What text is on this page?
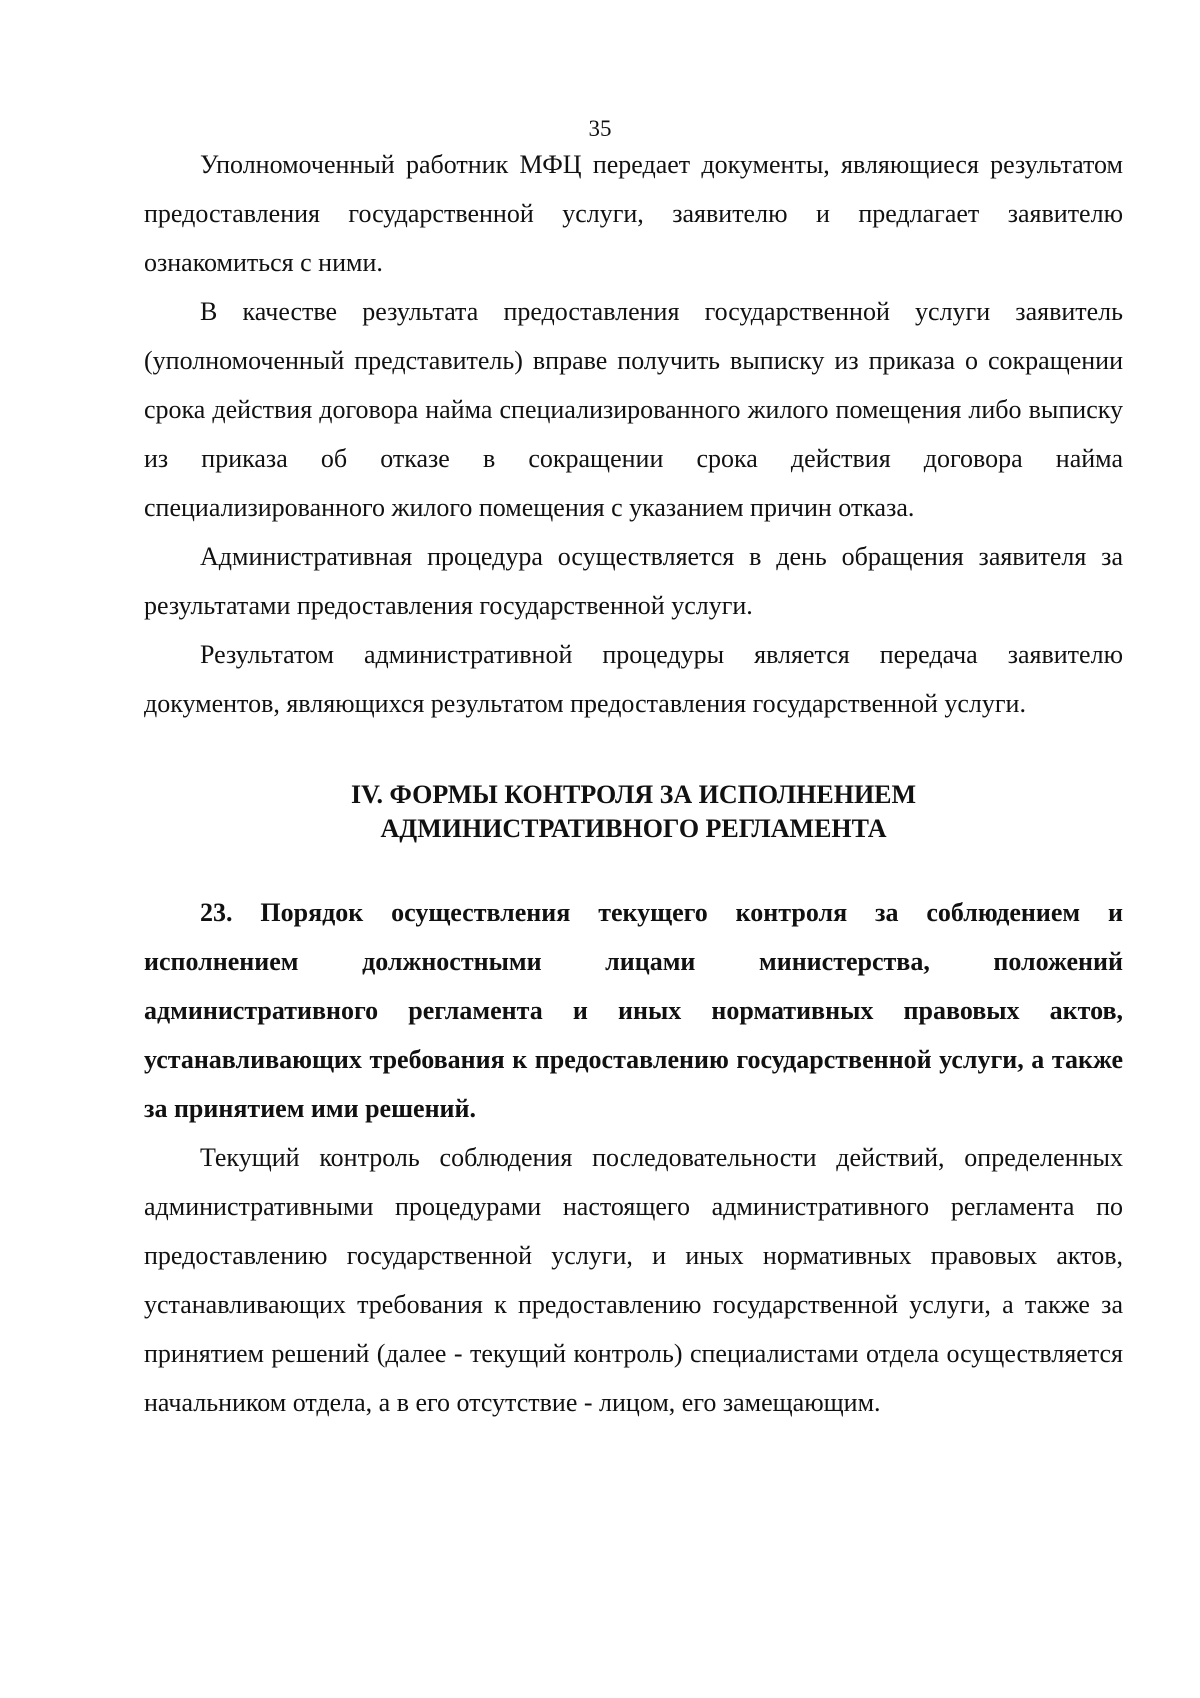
35

Уполномоченный работник МФЦ передает документы, являющиеся результатом предоставления государственной услуги, заявителю и предлагает заявителю ознакомиться с ними.

В качестве результата предоставления государственной услуги заявитель (уполномоченный представитель) вправе получить выписку из приказа о сокращении срока действия договора найма специализированного жилого помещения либо выписку из приказа об отказе в сокращении срока действия договора найма специализированного жилого помещения с указанием причин отказа.

Административная процедура осуществляется в день обращения заявителя за результатами предоставления государственной услуги.

Результатом административной процедуры является передача заявителю документов, являющихся результатом предоставления государственной услуги.

IV. ФОРМЫ КОНТРОЛЯ ЗА ИСПОЛНЕНИЕМ
АДМИНИСТРАТИВНОГО РЕГЛАМЕНТА

23. Порядок осуществления текущего контроля за соблюдением и исполнением должностными лицами министерства, положений административного регламента и иных нормативных правовых актов, устанавливающих требования к предоставлению государственной услуги, а также за принятием ими решений.

Текущий контроль соблюдения последовательности действий, определенных административными процедурами настоящего административного регламента по предоставлению государственной услуги, и иных нормативных правовых актов, устанавливающих требования к предоставлению государственной услуги, а также за принятием решений (далее - текущий контроль) специалистами отдела осуществляется начальником отдела, а в его отсутствие - лицом, его замещающим.
